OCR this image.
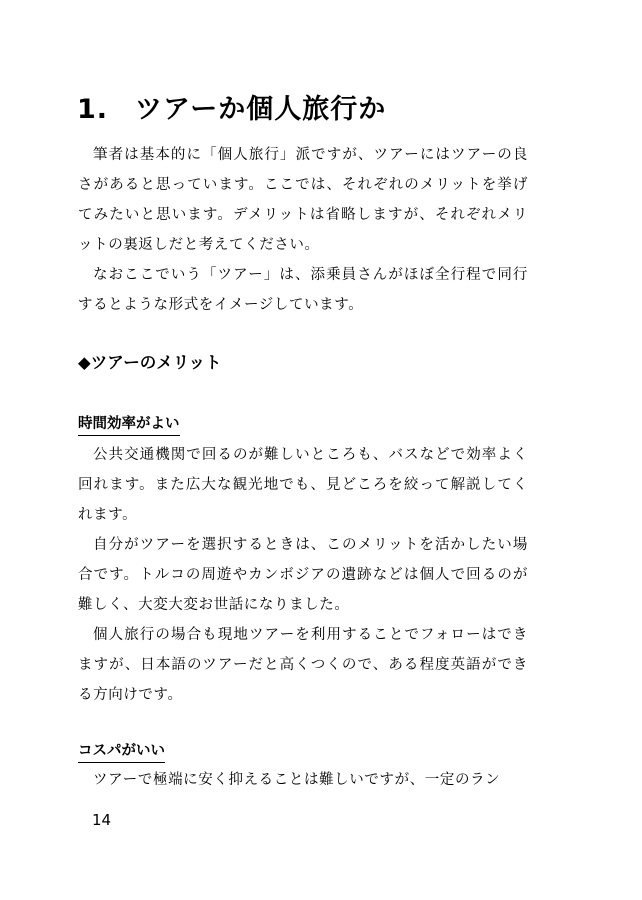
1. ツアーか個人旅行か

筆者は基本的に「個人旅行」派ですが、ツアーにはツアーの良さがあると思っています。ここでは、それぞれのメリットを挙げてみたいと思います。デメリットは省略しますが、それぞれメリットの裏返しだと考えてください。

なおここでいう「ツアー」は、添乗員さんがほぼ全行程で同行するとような形式をイメージしています。

◆ツアーのメリット
時間効率がよい

公共交通機関で回るのが難しいところも、バスなどで効率よく回れます。また広大な観光地でも、見どころを絞って解説してくれます。

自分がツアーを選択するときは、このメリットを活かしたい場合です。トルコの周遊やカンボジアの遺跡などは個人で回るのが難しく、大変大変お世話になりました。

個人旅行の場合も現地ツアーを利用することでフォローはできますが、日本語のツアーだと高くつくので、ある程度英語ができる方向けです。

コスパがいい

ツアーで極端に安く抑えることは難しいですが、一定のラン

14
